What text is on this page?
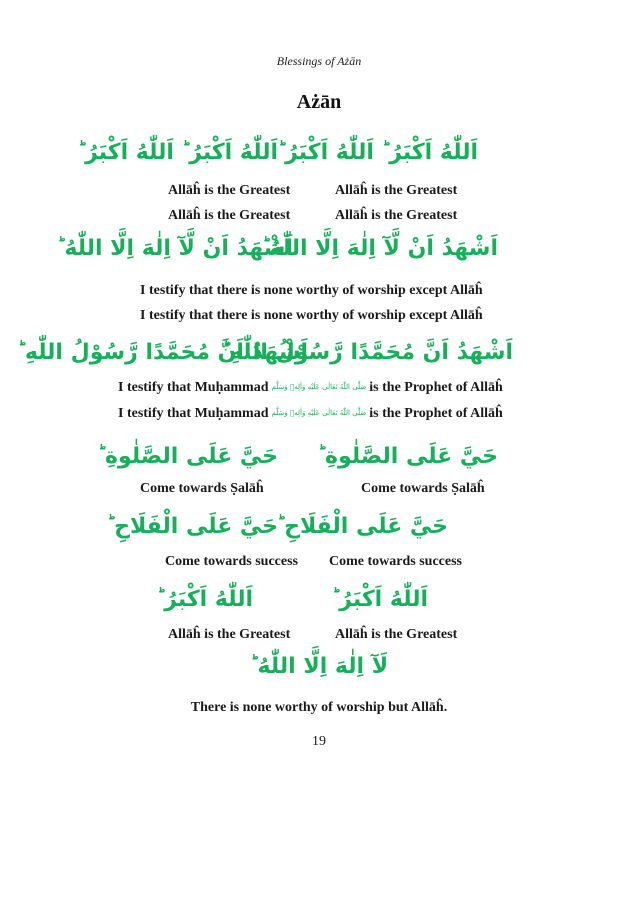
Blessings of Ażān
Ażān
اَللّٰهُ اَكْبَرُ ؕ اَللّٰهُ اَكْبَرُ ؕ اَللّٰهُ اَكْبَرُ ؕ اَللّٰهُ اَكْبَرُ ؕ
Allāĥ is the Greatest	Allāĥ is the Greatest
Allāĥ is the Greatest	Allāĥ is the Greatest
اَشْهَدُ اَنْ لَّآ اِلٰهَ اِلَّا اللّٰهُ ؕ
اَشْهَدُ اَنْ لَّآ اِلٰهَ اِلَّا اللّٰهُ ؕ
I testify that there is none worthy of worship except Allāĥ
I testify that there is none worthy of worship except Allāĥ
اَشْهَدُ اَنَّ مُحَمَّدًا رَّسُوْلُ اللّٰهِ ؕ
اَشْهَدُ اَنَّ مُحَمَّدًا رَّسُوْلُ اللّٰهِ ؕ
I testify that Muḥammad صَلَّى اللّٰهُ تَعَالٰى عَلَيْهِ وَاٰلِهٖ وَسَلَّم is the Prophet of Allāĥ
I testify that Muḥammad صَلَّى اللّٰهُ تَعَالٰى عَلَيْهِ وَاٰلِهٖ وَسَلَّم is the Prophet of Allāĥ
حَيَّ عَلَى الصَّلٰوةِ ؕ حَيَّ عَلَى الصَّلٰوةِ ؕ
Come towards Ṣalāĥ	Come towards Ṣalāĥ
حَيَّ عَلَى الْفَلَاحِ ؕ
حَيَّ عَلَى الْفَلَاحِ ؕ
Come towards success Come towards success
اَللّٰهُ اَكْبَرُ ؕ	اَللّٰهُ اَكْبَرُ ؕ
Allāĥ is the Greatest	Allāĥ is the Greatest
لَآ اِلٰهَ اِلَّا اللّٰهُ ؕ
There is none worthy of worship but Allāĥ.
19
